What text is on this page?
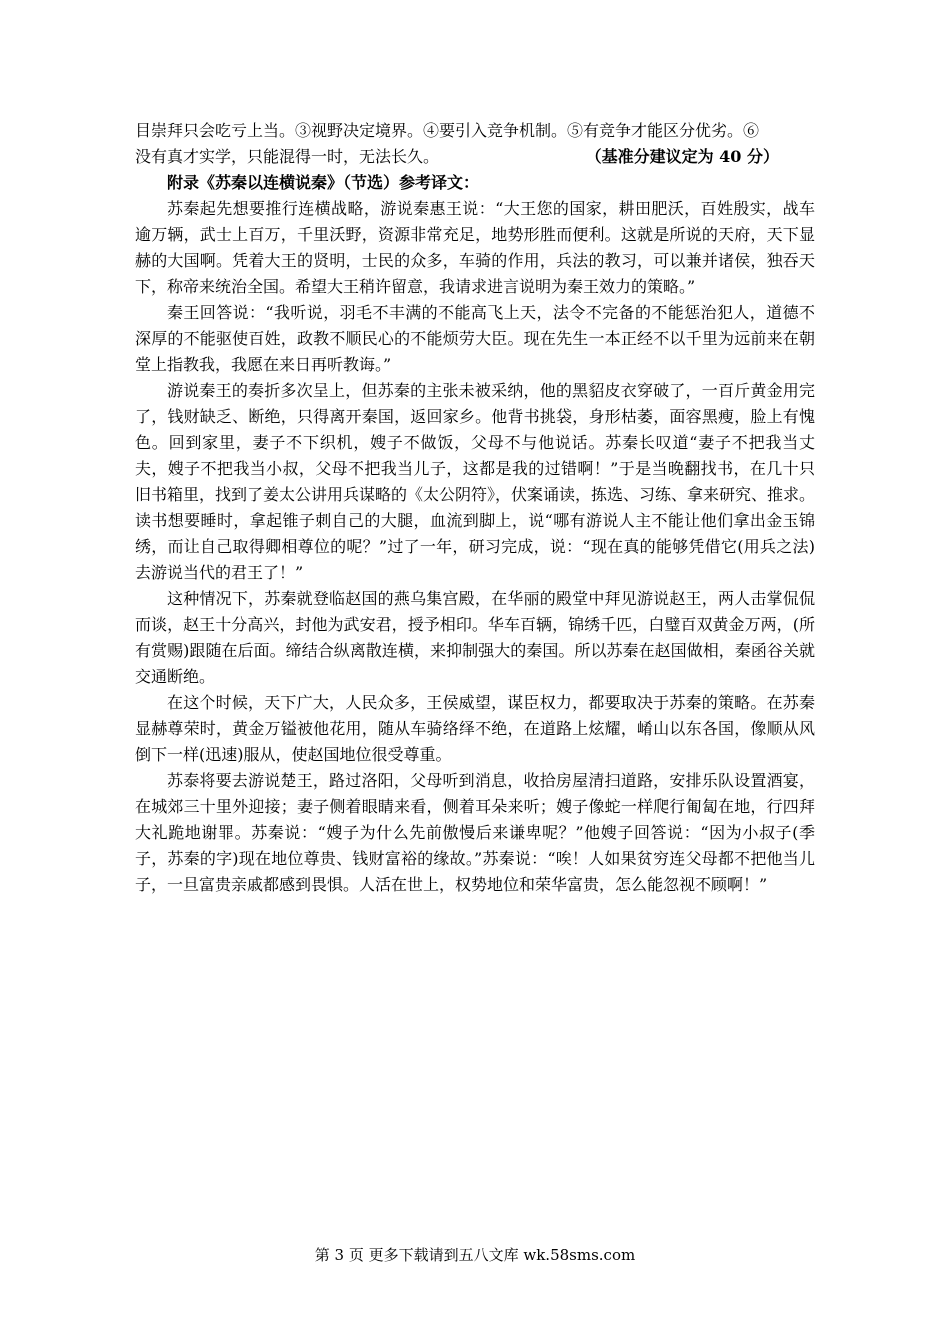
目崇拜只会吃亏上当。③视野决定境界。④要引入竞争机制。⑤有竞争才能区分优劣。⑥

没有真才实学，只能混得一时，无法长久。	（基准分建议定为 40 分）

附录《苏秦以连横说秦》（节选）参考译文：

苏秦起先想要推行连横战略，游说秦惠王说：“大王您的国家，耕田肥沃，百姓殷实，战车逾万辆，武士上百万，千里沃野，资源非常充足，地势形胜而便利。这就是所说的天府，天下显赫的大国啊。凭着大王的贤明，士民的众多，车骑的作用，兵法的教习，可以兼并诸侯，独吞天下，称帝来统治全国。希望大王稍许留意，我请求进言说明为秦王效力的策略。”

秦王回答说：“我听说，羽毛不丰满的不能高飞上天，法令不完备的不能惩治犯人，道德不深厚的不能驱使百姓，政教不顺民心的不能烦劳大臣。现在先生一本正经不以千里为远前来在朝堂上指教我，我愿在来日再听教诲。”

游说秦王的奏折多次呈上，但苏秦的主张未被采纳，他的黑貂皮衣穿破了，一百斤黄金用完了，钱财缺乏、断绝，只得离开秦国，返回家乡。他背书挑袋，身形枯萎，面容黑瘦，脸上有愧色。回到家里，妻子不下织机，嫂子不做饭，父母不与他说话。苏秦长叹道“妻子不把我当丈夫，嫂子不把我当小叔，父母不把我当儿子，这都是我的过错啊！”于是当晚翻找书，在几十只旧书箱里，找到了姜太公讲用兵谋略的《太公阴符》，伏案诵读，拣选、习练、拿来研究、推求。读书想要睡时，拿起锥子刺自己的大腿，血流到脚上，说“哪有游说人主不能让他们拿出金玉锦绣，而让自己取得卿相尊位的呢？”过了一年，研习完成，说：“现在真的能够凭借它(用兵之法)去游说当代的君王了！”

这种情况下，苏秦就登临赵国的燕乌集宫殿，在华丽的殿堂中拜见游说赵王，两人击掌侃侃而谈，赵王十分高兴，封他为武安君，授予相印。华车百辆，锦绣千匹，白璧百双黄金万两，(所有赏赐)跟随在后面。缔结合纵离散连横，来抑制强大的秦国。所以苏秦在赵国做相，秦函谷关就交通断绝。

在这个时候，天下广大，人民众多，王侯威望，谋臣权力，都要取决于苏秦的策略。在苏秦显赫尊荣时，黄金万镒被他花用，随从车骑络绎不绝，在道路上炫耀，崤山以东各国，像顺从风倒下一样(迅速)服从，使赵国地位很受尊重。

苏泰将要去游说楚王，路过洛阳，父母听到消息，收拾房屋清扫道路，安排乐队设置酒宴，在城郊三十里外迎接；妻子侧着眼睛来看，侧着耳朵来听；嫂子像蛇一样爬行匍匐在地，行四拜大礼跪地谢罪。苏秦说：“嫂子为什么先前傲慢后来谦卑呢？”他嫂子回答说：“因为小叔子(季子，苏秦的字)现在地位尊贵、钱财富裕的缘故。”苏秦说：“唉！人如果贫穷连父母都不把他当儿子，一旦富贵亲戚都感到畏惧。人活在世上，权势地位和荣华富贵，怎么能忽视不顾啊！”

第 3 页 更多下载请到五八文库 wk.58sms.com
